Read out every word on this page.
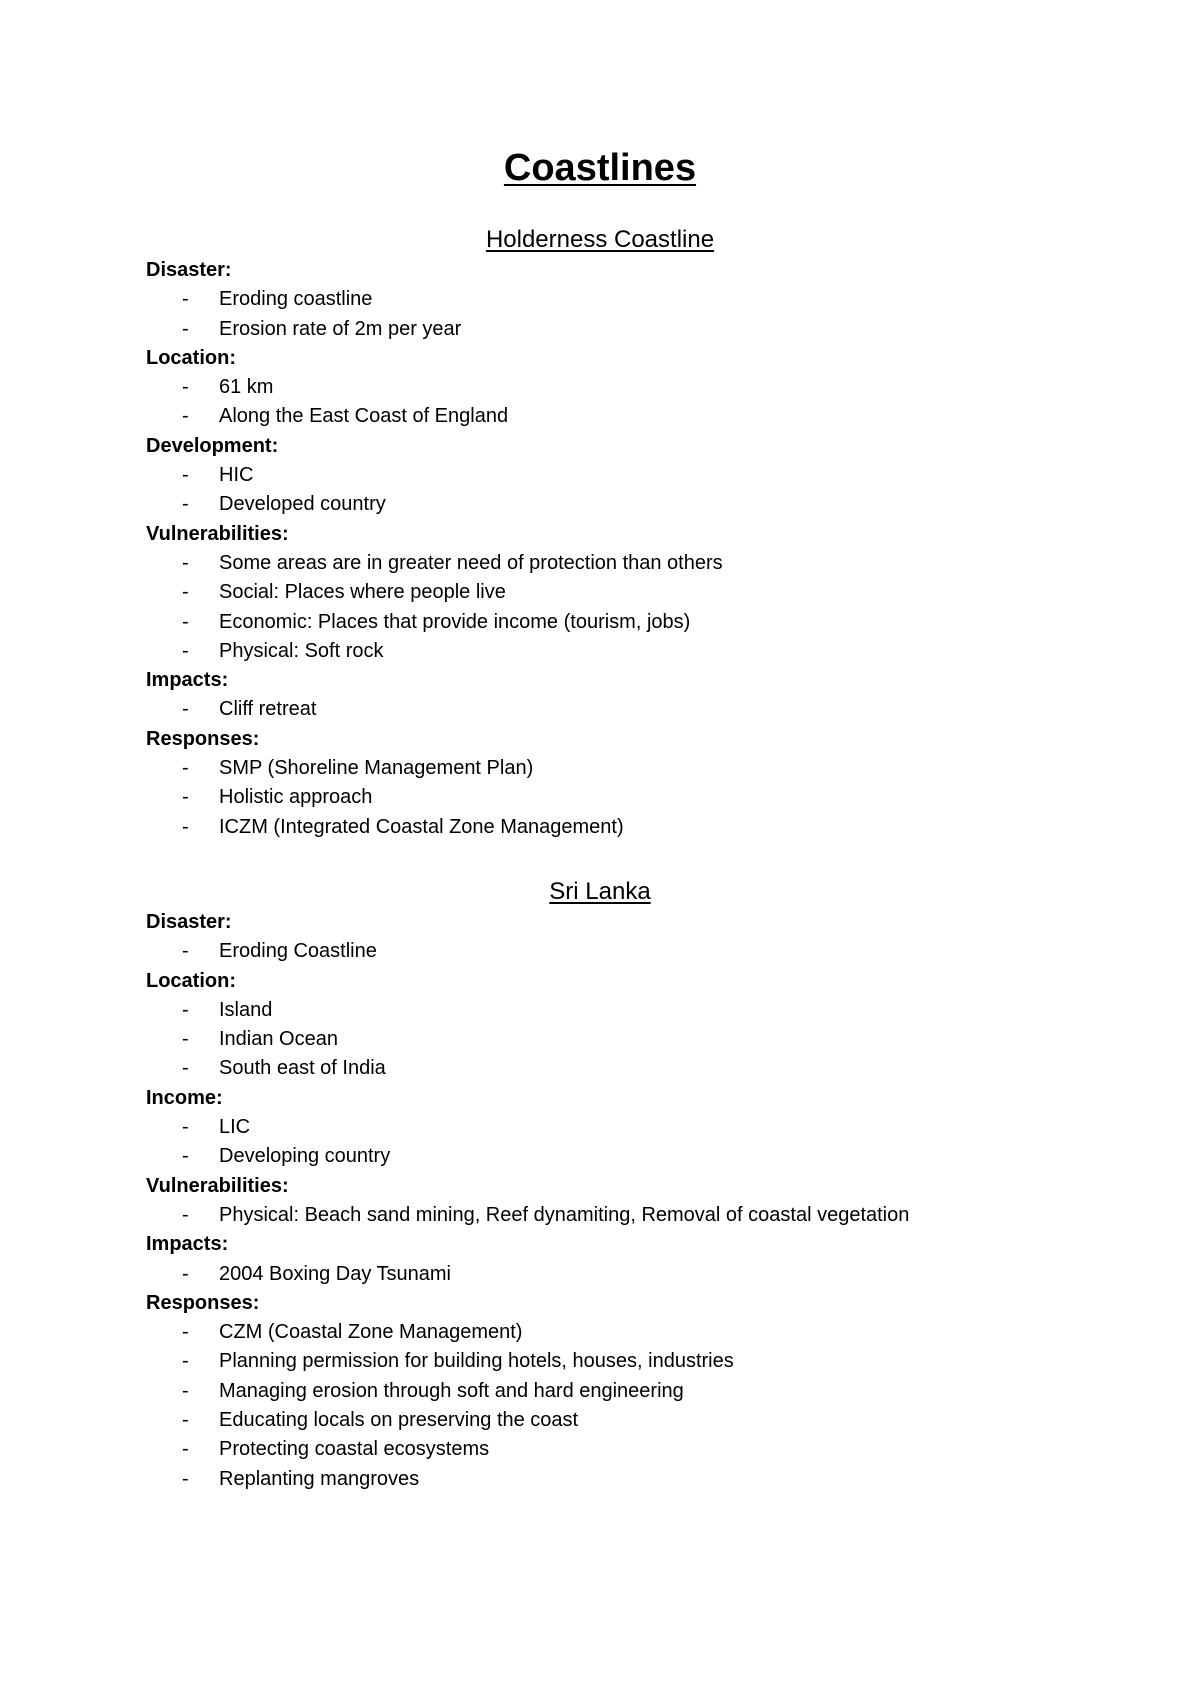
Coastlines
Holderness Coastline
Disaster:
- Eroding coastline
- Erosion rate of 2m per year
Location:
- 61 km
- Along the East Coast of England
Development:
- HIC
- Developed country
Vulnerabilities:
- Some areas are in greater need of protection than others
- Social: Places where people live
- Economic: Places that provide income (tourism, jobs)
- Physical: Soft rock
Impacts:
- Cliff retreat
Responses:
- SMP (Shoreline Management Plan)
- Holistic approach
- ICZM (Integrated Coastal Zone Management)
Sri Lanka
Disaster:
- Eroding Coastline
Location:
- Island
- Indian Ocean
- South east of India
Income:
- LIC
- Developing country
Vulnerabilities:
- Physical: Beach sand mining, Reef dynamiting, Removal of coastal vegetation
Impacts:
- 2004 Boxing Day Tsunami
Responses:
- CZM (Coastal Zone Management)
- Planning permission for building hotels, houses, industries
- Managing erosion through soft and hard engineering
- Educating locals on preserving the coast
- Protecting coastal ecosystems
- Replanting mangroves
